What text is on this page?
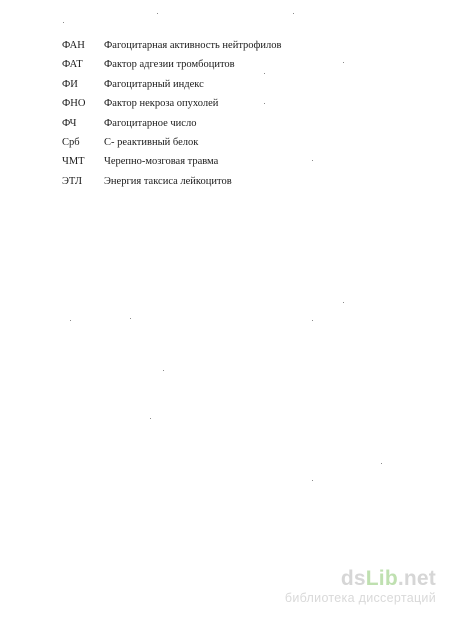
ФАН	Фагоцитарная активность нейтрофилов
ФАТ	Фактор адгезии тромбоцитов
ФИ	Фагоцитарный индекс
ФНО	Фактор некроза опухолей
ФЧ	Фагоцитарное число
Срб	С- реактивный белок
ЧМТ	Черепно-мозговая травма
ЭТЛ	Энергия таксиса лейкоцитов
dsLib.net
библиотека диссертаций
